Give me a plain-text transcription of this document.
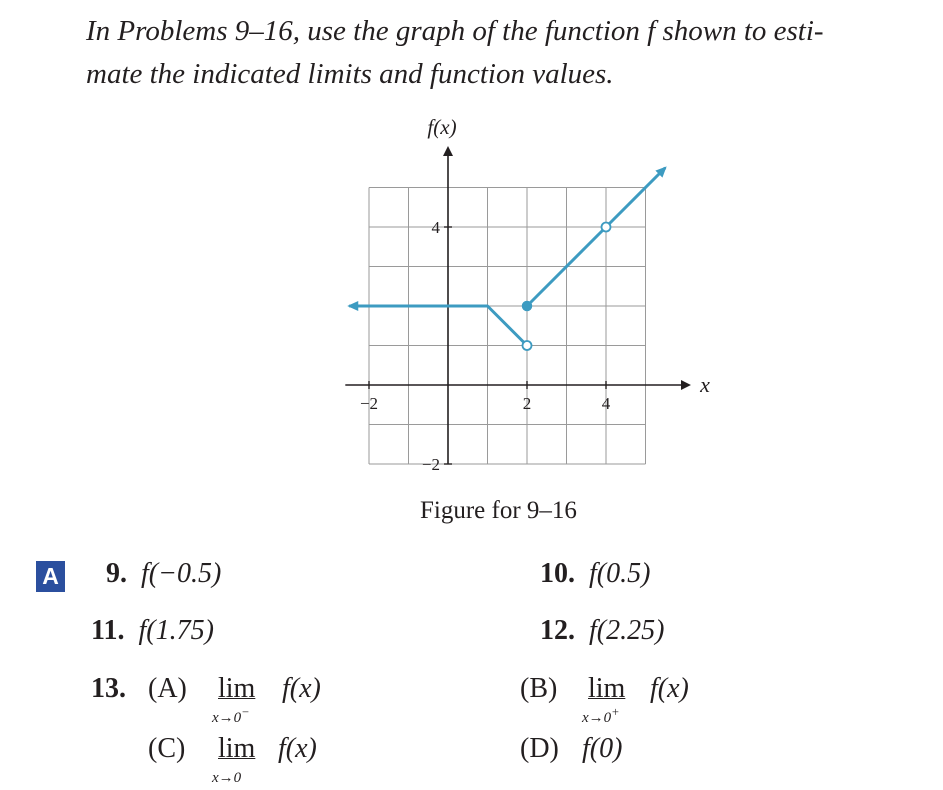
In Problems 9–16, use the graph of the function f shown to esti-
mate the indicated limits and function values.
f(x)
x
−2	2	4
4
−2
Figure for 9–16
A 9. f(−0.5)	10. f(0.5)
11. f(1.75)	12. f(2.25)
13. (A) lim
x→0−
f(x)	(B) lim
x→0+
f(x)
(C) lim
x→0
f(x)	(D) f(0)
